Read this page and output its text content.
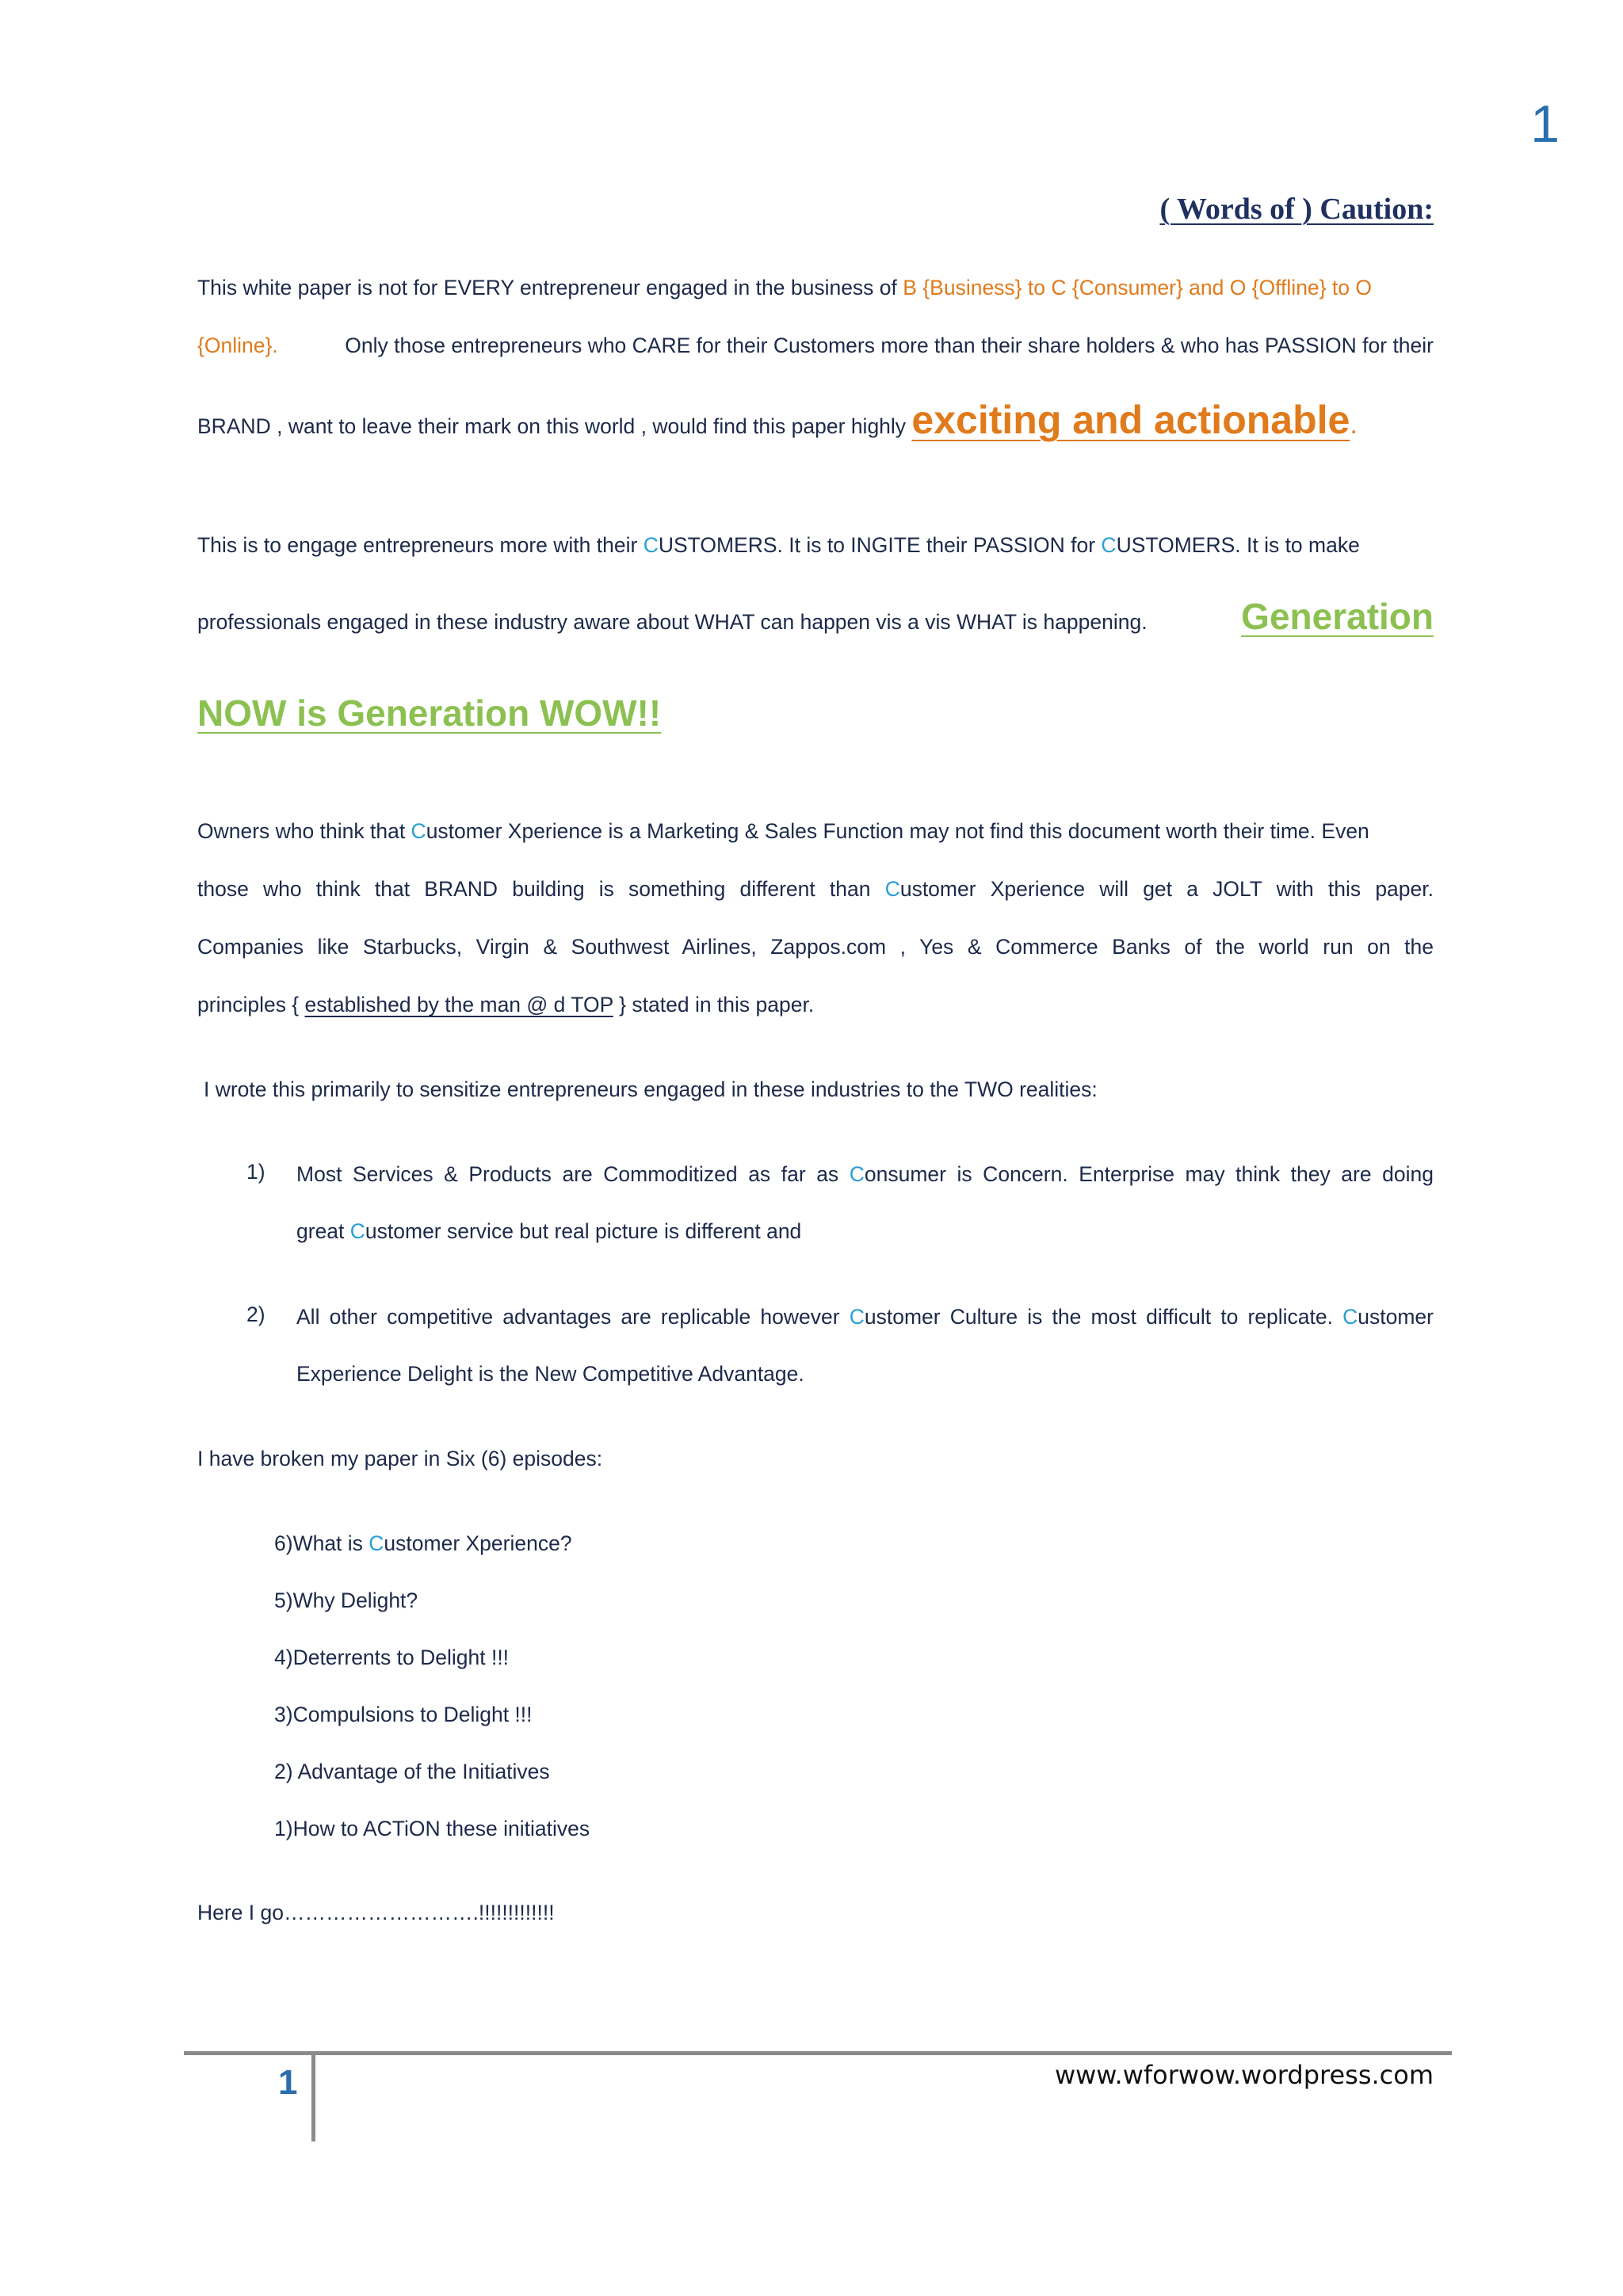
1
( Words of ) Caution:
This white paper is not for EVERY entrepreneur engaged in the business of B {Business} to C {Consumer} and O {Offline} to O
{Online}.	Only those entrepreneurs who CARE for their Customers more than their share holders & who has PASSION for their
BRAND , want to leave their mark on this world , would find this paper highly exciting and actionable.
This is to engage entrepreneurs more with their CUSTOMERS. It is to INGITE their PASSION for CUSTOMERS. It is to make
professionals engaged in these industry aware about WHAT can happen vis a vis WHAT is happening. Generation
NOW is Generation WOW!!
Owners who think that Customer Xperience is a Marketing & Sales Function may not find this document worth their time. Even
those who think that BRAND building is something different than Customer Xperience will get a JOLT with this paper.
Companies like Starbucks, Virgin & Southwest Airlines, Zappos.com , Yes & Commerce Banks of the world run on the
principles { established by the man @ d TOP } stated in this paper.
I wrote this primarily to sensitize entrepreneurs engaged in these industries to the TWO realities:
1) Most Services & Products are Commoditized as far as Consumer is Concern. Enterprise may think they are doing
great Customer service but real picture is different and
2) All other competitive advantages are replicable however Customer Culture is the most difficult to replicate. Customer
Experience Delight is the New Competitive Advantage.
I have broken my paper in Six (6) episodes:
6)What is Customer Xperience?
5)Why Delight?
4)Deterrents to Delight !!!
3)Compulsions to Delight !!!
2) Advantage of the Initiatives
1)How to ACTiON these initiatives
Here I go……………………….!!!!!!!!!!!!!
1	www.wforwow.wordpress.com
